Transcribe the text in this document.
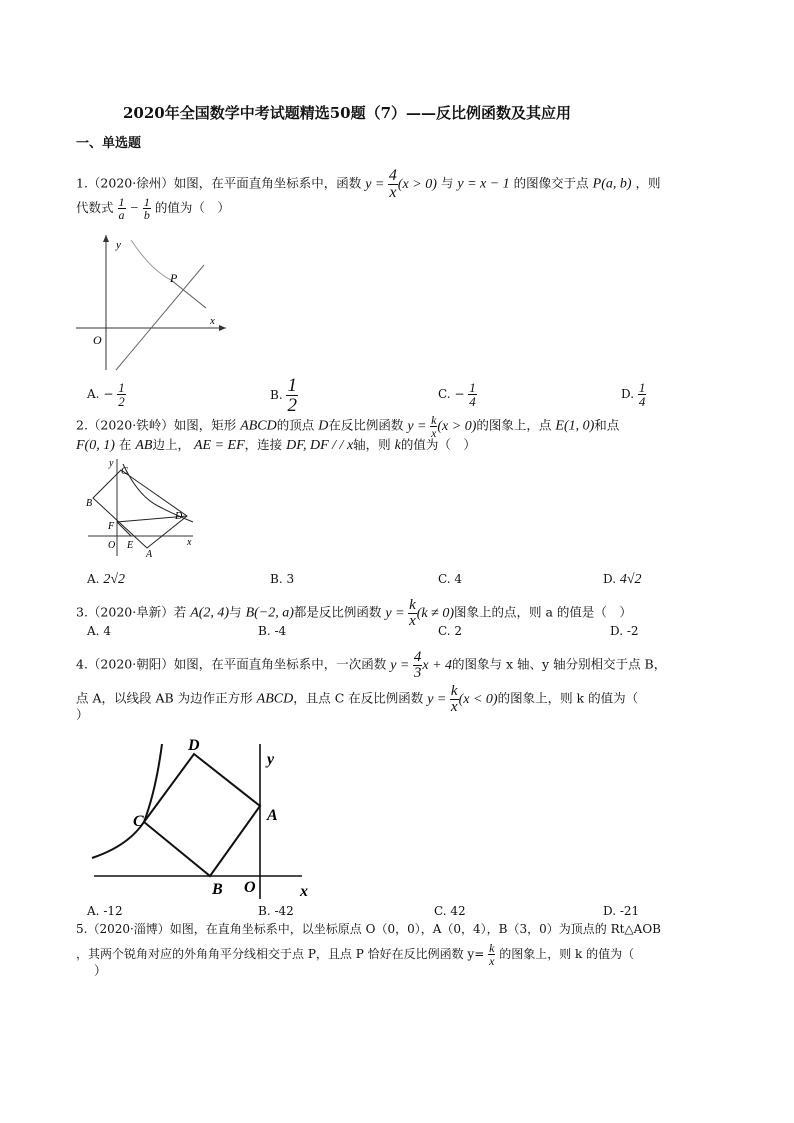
2020年全国数学中考试题精选50题（7）——反比例函数及其应用
一、单选题
1.（2020·徐州）如图，在平面直角坐标系中，函数 $y = \frac{4}{x} (x > 0)$ 与 y = x − 1 的图像交于点 P(a, b) ，则
代数式 $\frac{1}{a} - \frac{1}{b}$ 的值为（　）
y
x
O
P
A. − $\frac{1}{2}$	B. $\frac{1}{2}$	C. − $\frac{1}{4}$	D. $\frac{1}{4}$
2.（2020·铁岭）如图，矩形 ABCD的顶点 D在反比例函数 $y = \frac{k}{x} (x > 0)$的图象上，点 E(1, 0)和点
F(0, 1) 在 AB边上， AE = EF，连接 DF, DF / / x轴，则 k的值为（　）
y
x
O
B
C
D
F
E
A
A. 2√2	B. 3	C. 4	D. 4√2
3.（2020·阜新）若 A(2, 4)与 B(−2, a)都是反比例函数 $y = \frac{k}{x} (k \ne 0)$图象上的点，则 a 的值是（　）
A. 4	B. -4	C. 2	D. -2
4.（2020·朝阳）如图，在平面直角坐标系中，一次函数 $y = \frac{4}{3}$ x + 4的图象与 x 轴、y 轴分别相交于点 B，
点 A，以线段 AB 为边作正方形 ABCD，且点 C 在反比例函数 $y = \frac{k}{x} (x < 0)$的图象上，则 k 的值为（
）
D
C	A
B O	x
y
A. -12	B. -42	C. 42	D. -21
5.（2020·淄博）如图，在直角坐标系中，以坐标原点 O（0，0），A（0，4），B（3，0）为顶点的 Rt△AOB
，其两个锐角对应的外角角平分线相交于点 P，且点 P 恰好在反比例函数 $y= \frac{k}{x}$ 的图象上，则 k 的值为（
）
